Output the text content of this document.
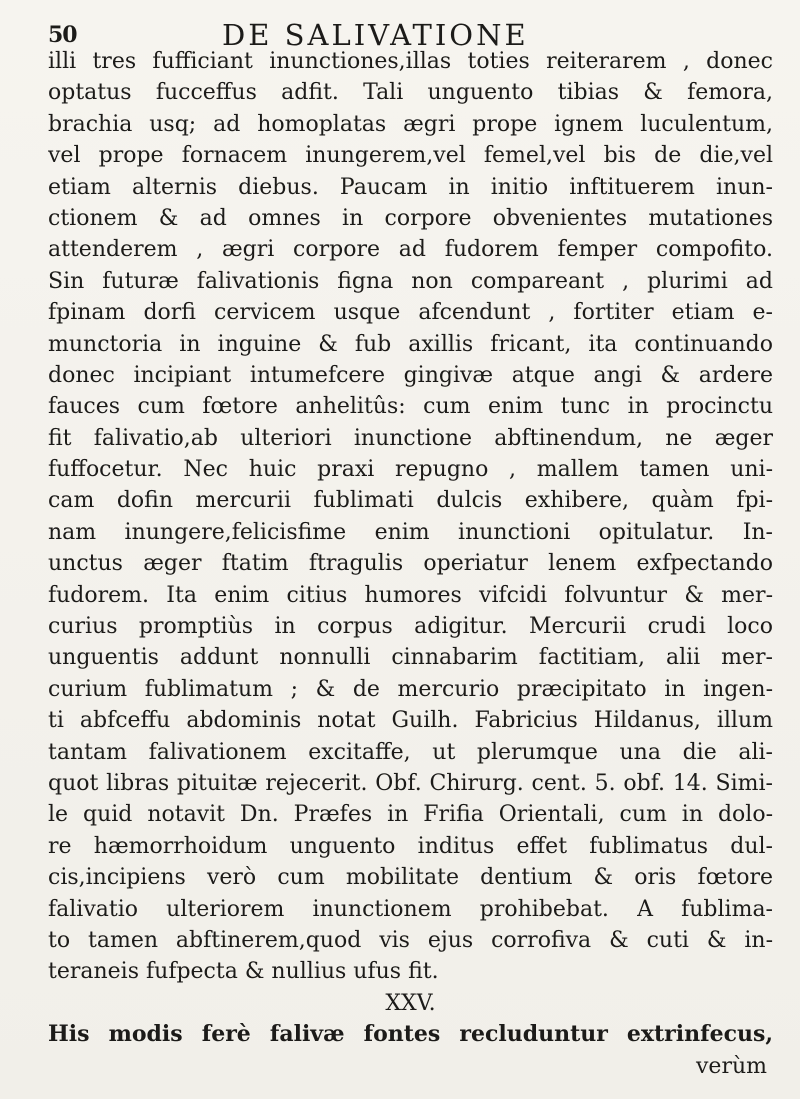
50	DE SALIVATIONE
illi tres fufficiant inunctiones,illas toties reiterarem , donec
optatus fucceffus adfit. Tali unguento tibias & femora,
brachia usq; ad homoplatas ægri prope ignem luculentum,
vel prope fornacem inungerem,vel femel,vel bis de die,vel
etiam alternis diebus. Paucam in initio inftituerem inun-
ctionem & ad omnes in corpore obvenientes mutationes
attenderem , ægri corpore ad fudorem femper compofito.
Sin futuræ falivationis figna non compareant , plurimi ad
fpinam dorfi cervicem usque afcendunt , fortiter etiam e-
munctoria in inguine & fub axillis fricant, ita continuando
donec incipiant intumefcere gingivæ atque angi & ardere
fauces cum fœtore anhelitûs: cum enim tunc in procinctu
fit falivatio,ab ulteriori inunctione abftinendum, ne æger
fuffocetur. Nec huic praxi repugno , mallem tamen uni-
cam dofin mercurii fublimati dulcis exhibere, quàm fpi-
nam inungere,felicisfime enim inunctioni opitulatur. In-
unctus æger ftatim ftragulis operiatur lenem exfpectando
fudorem. Ita enim citius humores vifcidi folvuntur & mer-
curius promptiùs in corpus adigitur. Mercurii crudi loco
unguentis addunt nonnulli cinnabarim factitiam, alii mer-
curium fublimatum ; & de mercurio præcipitato in ingen-
ti abfceffu abdominis notat Guilh. Fabricius Hildanus, illum
tantam falivationem excitaffe, ut plerumque una die ali-
quot libras pituitæ rejecerit. Obf. Chirurg. cent. 5. obf. 14. Simi-
le quid notavit Dn. Præfes in Frifia Orientali, cum in dolo-
re hæmorrhoidum unguento inditus effet fublimatus dul-
cis,incipiens verò cum mobilitate dentium & oris fœtore
falivatio ulteriorem inunctionem prohibebat. A fublima-
to tamen abftinerem,quod vis ejus corrofiva & cuti & in-
teraneis fufpecta & nullius ufus fit.
XXV.
His modis ferè falivæ fontes recluduntur extrinfecus,
verùm
